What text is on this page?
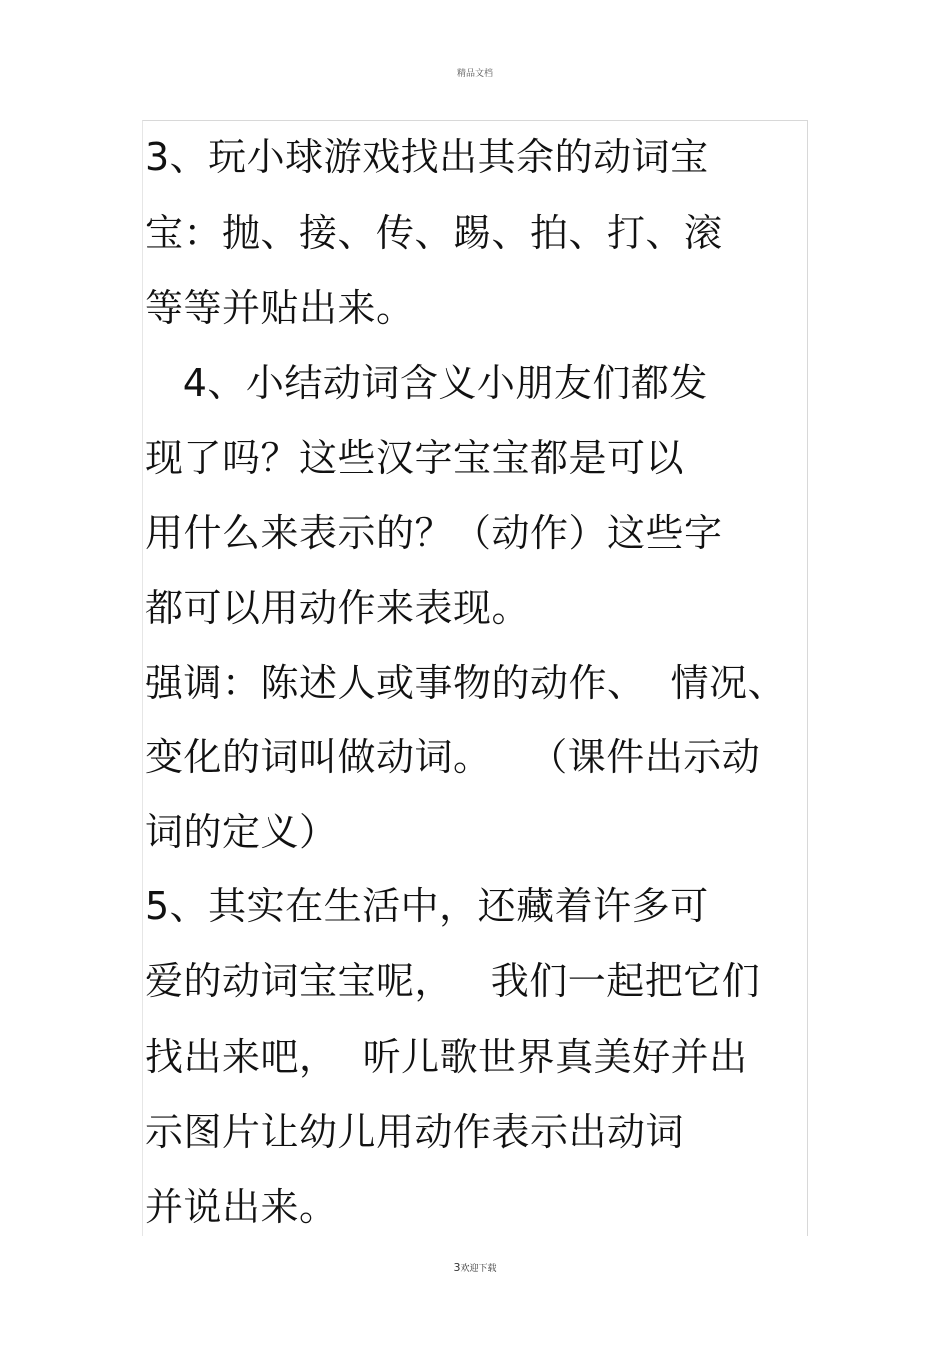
精品文档
3、玩小球游戏找出其余的动词宝
宝：抛、接、传、踢、拍、打、滚
等等并贴出来。
4、小结动词含义小朋友们都发
现了吗？这些汉字宝宝都是可以
用什么来表示的？（动作）这些字
都可以用动作来表现。
强调：陈述人或事物的动作、  情况、
变化的词叫做动词。   （课件出示动
词的定义）
5、其实在生活中，还藏着许多可
爱的动词宝宝呢，   我们一起把它们
找出来吧，  听儿歌世界真美好并出
示图片让幼儿用动作表示出动词
并说出来。
3欢迎下载
